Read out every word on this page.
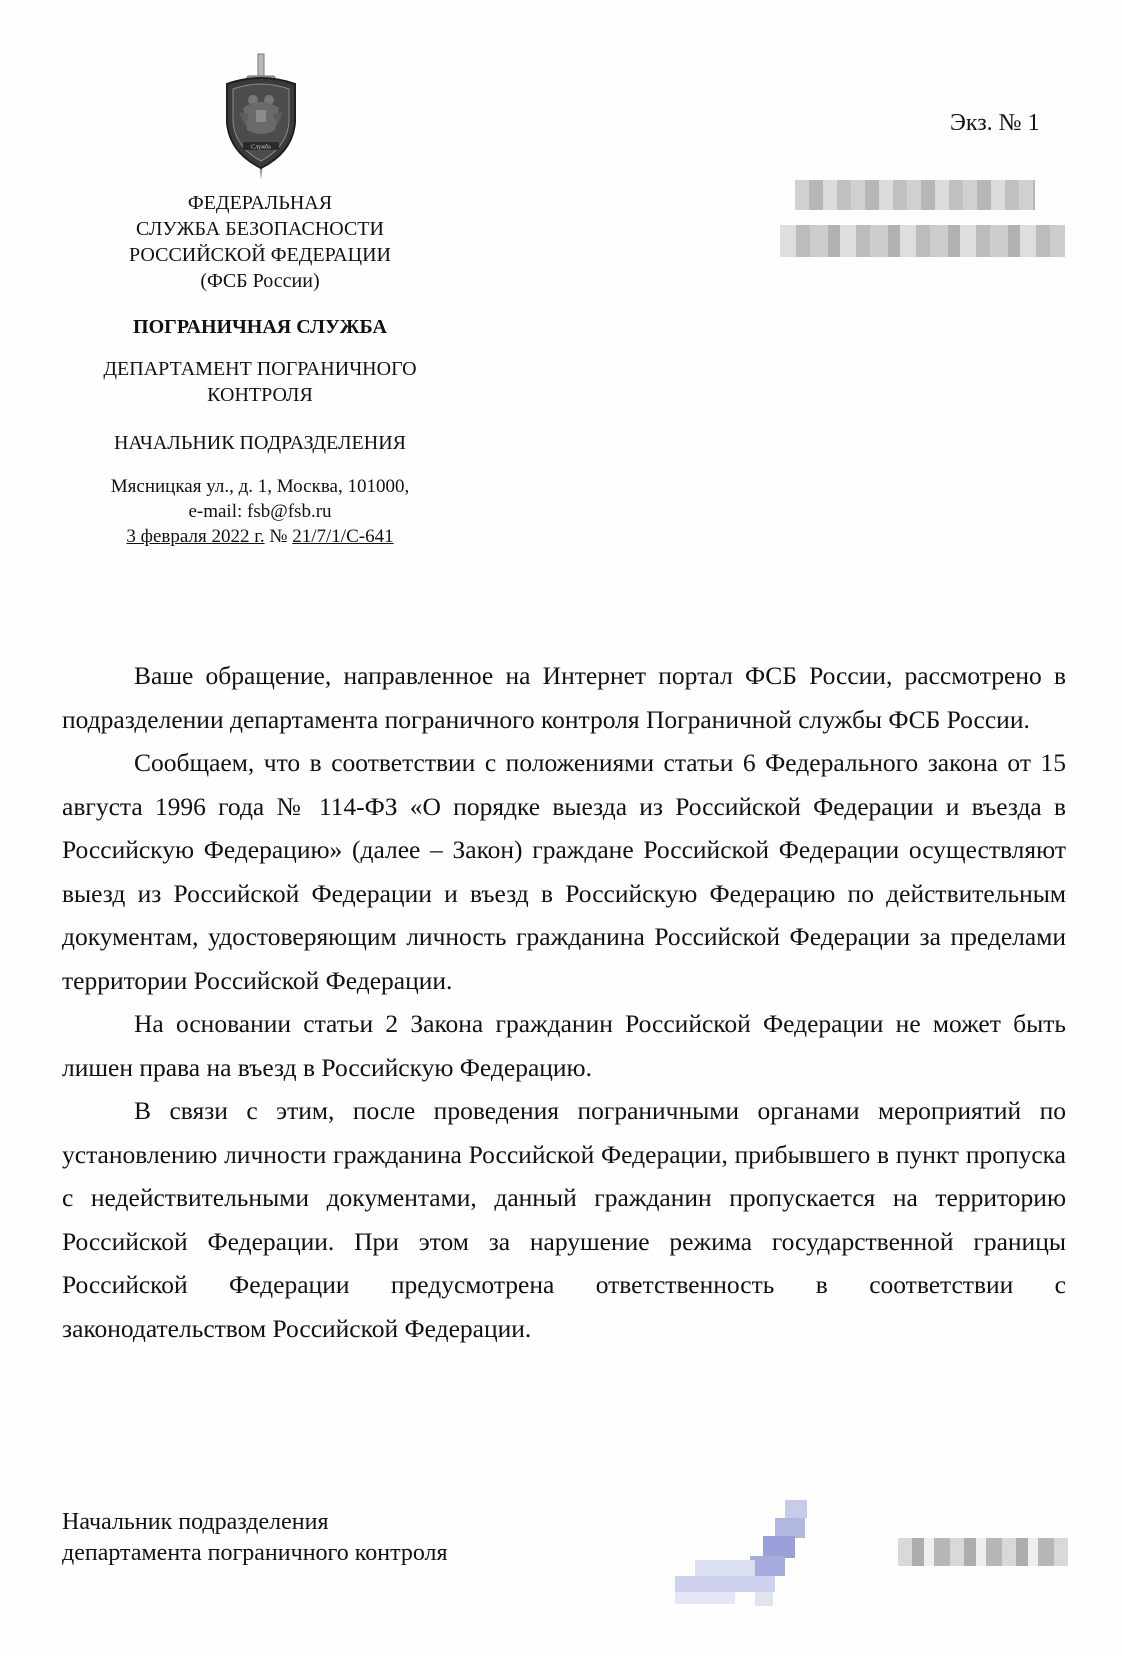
Служба
ФЕДЕРАЛЬНАЯ
СЛУЖБА БЕЗОПАСНОСТИ
РОССИЙСКОЙ ФЕДЕРАЦИИ
(ФСБ России)
ПОГРАНИЧНАЯ СЛУЖБА
ДЕПАРТАМЕНТ ПОГРАНИЧНОГО
КОНТРОЛЯ
НАЧАЛЬНИК ПОДРАЗДЕЛЕНИЯ
Мясницкая ул., д. 1, Москва, 101000,
e-mail: fsb@fsb.ru
3 февраля 2022 г. № 21/7/1/С-641
Экз. № 1

Ваше обращение, направленное на Интернет портал ФСБ России, рассмотрено в подразделении департамента пограничного контроля Пограничной службы ФСБ России.

Сообщаем, что в соответствии с положениями статьи 6 Федерального закона от 15 августа 1996 года № 114-ФЗ «О порядке выезда из Российской Федерации и въезда в Российскую Федерацию» (далее – Закон) граждане Российской Федерации осуществляют выезд из Российской Федерации и въезд в Российскую Федерацию по действительным документам, удостоверяющим личность гражданина Российской Федерации за пределами территории Российской Федерации.

На основании статьи 2 Закона гражданин Российской Федерации не может быть лишен права на въезд в Российскую Федерацию.

В связи с этим, после проведения пограничными органами мероприятий по установлению личности гражданина Российской Федерации, прибывшего в пункт пропуска с недействительными документами, данный гражданин пропускается на территорию Российской Федерации. При этом за нарушение режима государственной границы Российской Федерации предусмотрена ответственность в соответствии с законодательством Российской Федерации.

Начальник подразделения
департамента пограничного контроля
